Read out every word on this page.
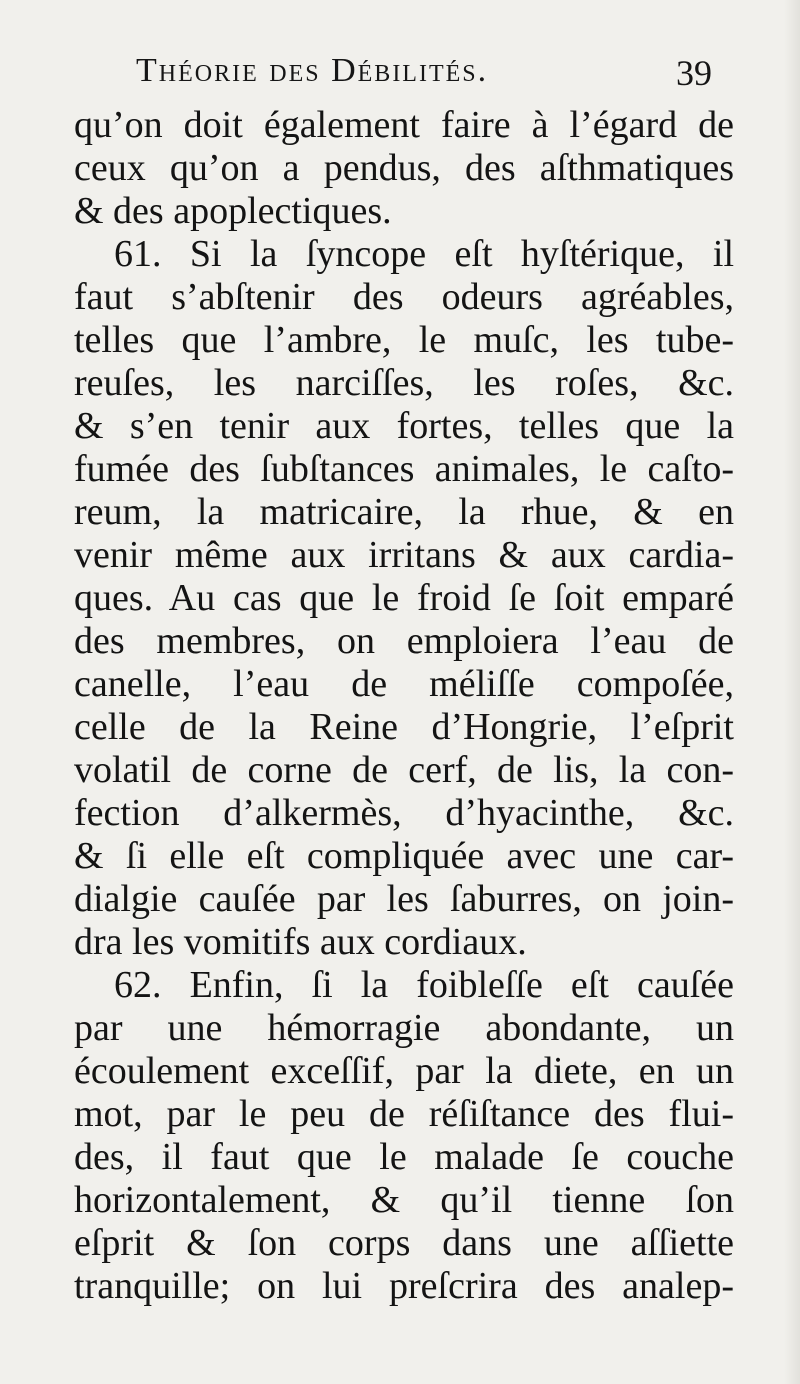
Théorie des Débilités.	39
qu’on doit également faire à l’égard de
ceux qu’on a pendus, des aſthmatiques
& des apoplectiques.
61. Si la ſyncope eſt hyſtérique, il
faut s’abſtenir des odeurs agréables,
telles que l’ambre, le muſc, les tube-
reuſes, les narciſſes, les roſes, &c.
& s’en tenir aux fortes, telles que la
fumée des ſubſtances animales, le caſto-
reum, la matricaire, la rhue, & en
venir même aux irritans & aux cardia-
ques. Au cas que le froid ſe ſoit emparé
des membres, on emploiera l’eau de
canelle, l’eau de méliſſe compoſée,
celle de la Reine d’Hongrie, l’eſprit
volatil de corne de cerf, de lis, la con-
fection d’alkermès, d’hyacinthe, &c.
& ſi elle eſt compliquée avec une car-
dialgie cauſée par les ſaburres, on join-
dra les vomitifs aux cordiaux.
62. Enfin, ſi la foibleſſe eſt cauſée
par une hémorragie abondante, un
écoulement exceſſif, par la diete, en un
mot, par le peu de réſiſtance des flui-
des, il faut que le malade ſe couche
horizontalement, & qu’il tienne ſon
eſprit & ſon corps dans une aſſiette
tranquille; on lui preſcrira des analep-
